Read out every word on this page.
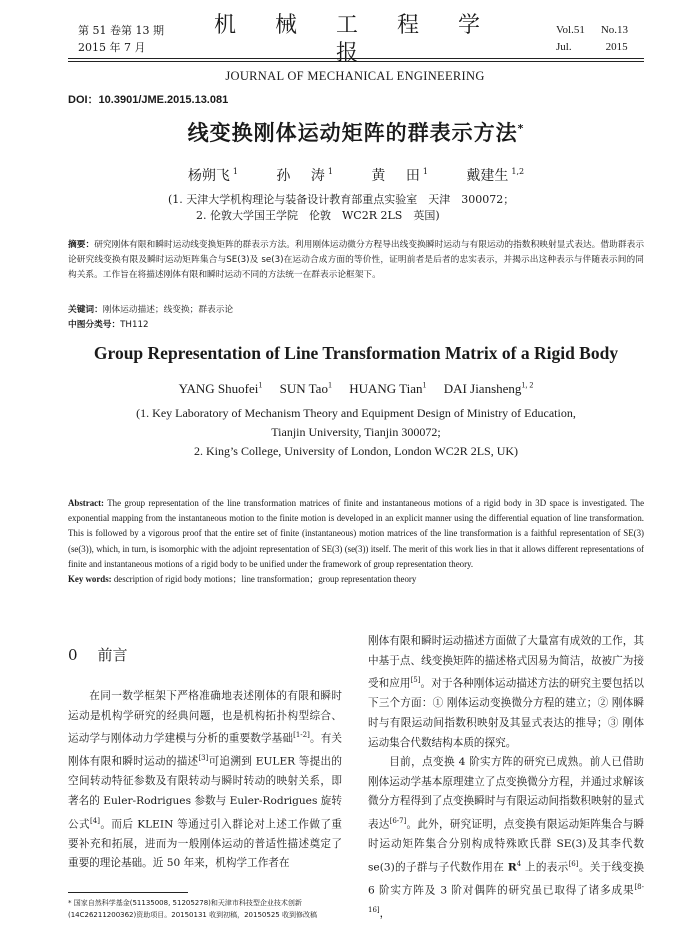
第 51 卷第 13 期
2015 年 7 月
机 械 工 程 学 报
JOURNAL OF MECHANICAL ENGINEERING
Vol.51 No.13
Jul.	2015
DOI：10.3901/JME.2015.13.081
线变换刚体运动矩阵的群表示方法*
杨朔飞 $^1$	孙 涛 $^1$	黄 田 $^1$	戴建生 $^{1,2}$
(1. 天津大学机构理论与装备设计教育部重点实验室　天津　300072；
2. 伦敦大学国王学院　伦敦　WC2R 2LS　英国)
摘要：研究刚体有限和瞬时运动线变换矩阵的群表示方法。利用刚体运动微分方程导出线变换瞬时运动与有限运动的指数积映射显式表达。借助群表示论研究线变换有限及瞬时运动矩阵集合与SE(3)及 se(3)在运动合成方面的等价性，证明前者是后者的忠实表示，并揭示出这种表示与伴随表示间的同构关系。工作旨在将描述刚体有限和瞬时运动不同的方法统一在群表示论框架下。
关键词：刚体运动描述；线变换；群表示论
中图分类号：TH112
Group Representation of Line Transformation Matrix of a Rigid Body
YANG Shuofei$^1$ SUN Tao$^1$ HUANG Tian$^1$ DAI Jiansheng$^{1, 2}$
(1. Key Laboratory of Mechanism Theory and Equipment Design of Ministry of Education,
Tianjin University, Tianjin 300072;
2. King’s College, University of London, London WC2R 2LS, UK)
Abstract: The group representation of the line transformation matrices of finite and instantaneous motions of a rigid body in 3D space is investigated. The exponential mapping from the instantaneous motion to the finite motion is developed in an explicit manner using the differential equation of line transformation. This is followed by a vigorous proof that the entire set of finite (instantaneous) motion matrices of the line transformation is a faithful representation of SE(3) (se(3)), which, in turn, is isomorphic with the adjoint representation of SE(3) (se(3)) itself. The merit of this work lies in that it allows different representations of finite and instantaneous motions of a rigid body to be unified under the framework of group representation theory.
Key words: description of rigid body motions；line transformation；group representation theory
0 前言

在同一数学框架下严格准确地表述刚体的有限和瞬时运动是机构学研究的经典问题，也是机构拓扑构型综合、运动学与刚体动力学建模与分析的重要数学基础[1-2]。有关刚体有限和瞬时运动的描述[3]可追溯到 EULER 等提出的空间转动特征参数及有限转动与瞬时转动的映射关系，即著名的 Euler-Rodrigues 参数与 Euler-Rodrigues 旋转公式[4]。而后 KLEIN 等通过引入群论对上述工作做了重要补充和拓展，进而为一般刚体运动的普适性描述奠定了重要的理论基础。近 50 年来，机构学工作者在

刚体有限和瞬时运动描述方面做了大量富有成效的工作，其中基于点、线变换矩阵的描述格式因易为简洁，故被广为接受和应用[5]。对于各种刚体运动描述方法的研究主要包括以下三个方面：① 刚体运动变换微分方程的建立；② 刚体瞬时与有限运动间指数积映射及其显式表达的推导；③ 刚体运动集合代数结构本质的探究。

目前，点变换 4 阶实方阵的研究已成熟。前人已借助刚体运动学基本原理建立了点变换微分方程，并通过求解该微分方程得到了点变换瞬时与有限运动间指数积映射的显式表达[6-7]。此外，研究证明，点变换有限运动矩阵集合与瞬时运动矩阵集合分别构成特殊欧氏群 SE(3)及其李代数 se(3)的子群与子代数作用在 $R^4$ 上的表示[6]。关于线变换 6 阶实方阵及 3 阶对偶阵的研究虽已取得了诸多成果[8-16]，

* 国家自然科学基金(51135008, 51205278)和天津市科技型企业技术创新(14C26211200362)资助项目。20150131 收到初稿，20150525 收到修改稿
